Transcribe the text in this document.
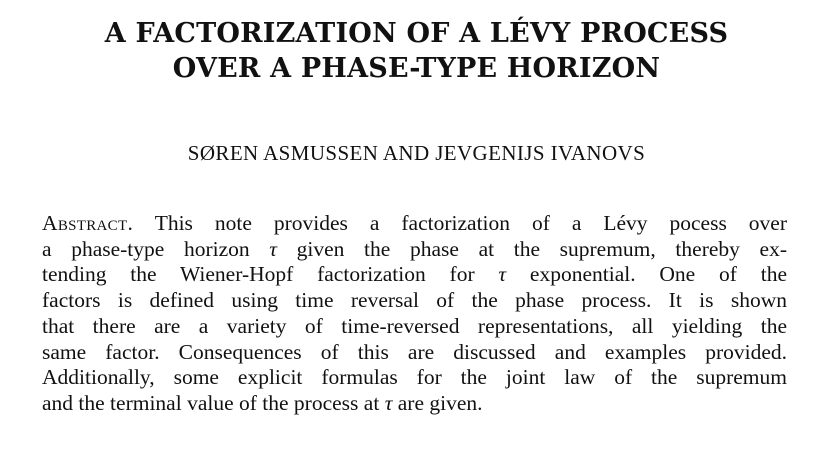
A FACTORIZATION OF A LÉVY PROCESS
OVER A PHASE-TYPE HORIZON
SØREN ASMUSSEN AND JEVGENIJS IVANOVS
Abstract. This note provides a factorization of a Lévy pocess over
a phase-type horizon τ given the phase at the supremum, thereby ex-
tending the Wiener-Hopf factorization for τ exponential. One of the
factors is defined using time reversal of the phase process. It is shown
that there are a variety of time-reversed representations, all yielding the
same factor. Consequences of this are discussed and examples provided.
Additionally, some explicit formulas for the joint law of the supremum
and the terminal value of the process at τ are given.
